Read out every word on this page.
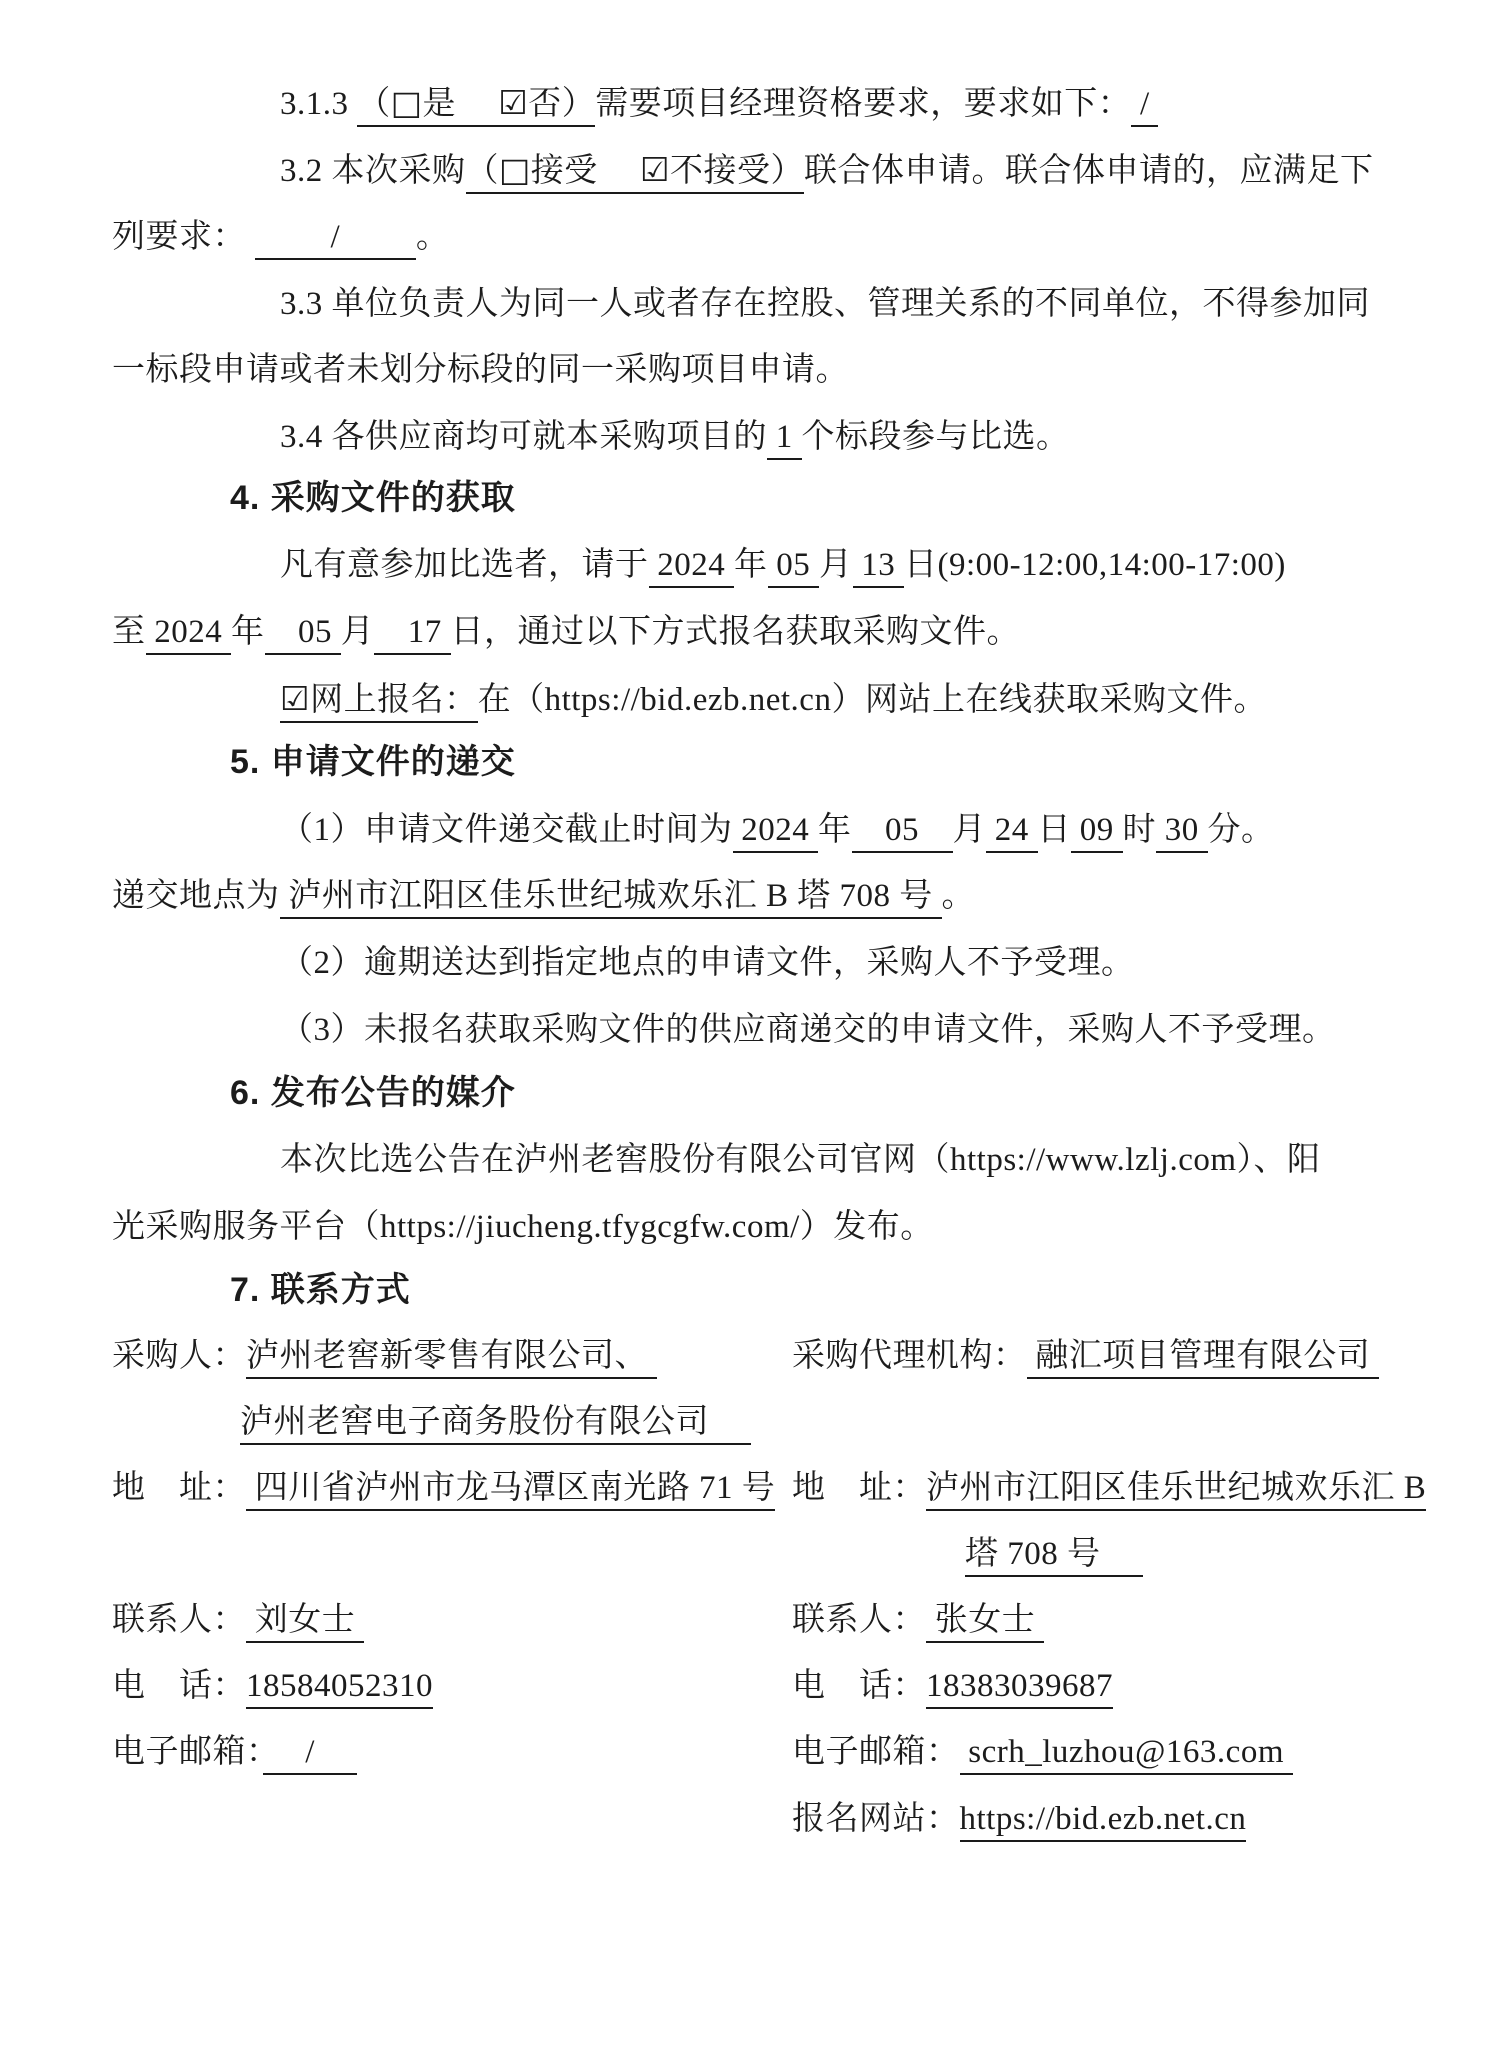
3.1.3 （□是　 ☑否）需要项目经理资格要求，要求如下： /
3.2 本次采购（□接受　 ☑不接受）联合体申请。联合体申请的，应满足下
列要求： 　　 / 　　。
3.3 单位负责人为同一人或者存在控股、管理关系的不同单位，不得参加同
一标段申请或者未划分标段的同一采购项目申请。
3.4 各供应商均可就本采购项目的 1 个标段参与比选。
4. 采购文件的获取
凡有意参加比选者，请于 2024 年 05 月 13 日(9:00-12:00,14:00-17:00)
至 2024 年　05 月　17 日，通过以下方式报名获取采购文件。
☑网上报名：在（https://bid.ezb.net.cn）网站上在线获取采购文件。
5. 申请文件的递交
（1）申请文件递交截止时间为 2024 年　05　月 24 日 09 时 30 分。
递交地点为 泸州市江阳区佳乐世纪城欢乐汇 B 塔 708 号 。
（2）逾期送达到指定地点的申请文件，采购人不予受理。
（3）未报名获取采购文件的供应商递交的申请文件，采购人不予受理。
6. 发布公告的媒介
本次比选公告在泸州老窖股份有限公司官网（https://www.lzlj.com）、阳
光采购服务平台（https://jiucheng.tfygcgfw.com/）发布。
7. 联系方式
采购人：泸州老窖新零售有限公司、	采购代理机构： 融汇项目管理有限公司
泸州老窖电子商务股份有限公司　
地　址： 四川省泸州市龙马潭区南光路 71 号 地　址：泸州市江阳区佳乐世纪城欢乐汇 B
塔 708 号　
联系人： 刘女士	联系人： 张女士
电　话：18584052310	电　话：18383039687
电子邮箱：　 / 　	电子邮箱： scrh_luzhou@163.com
报名网站：https://bid.ezb.net.cn
